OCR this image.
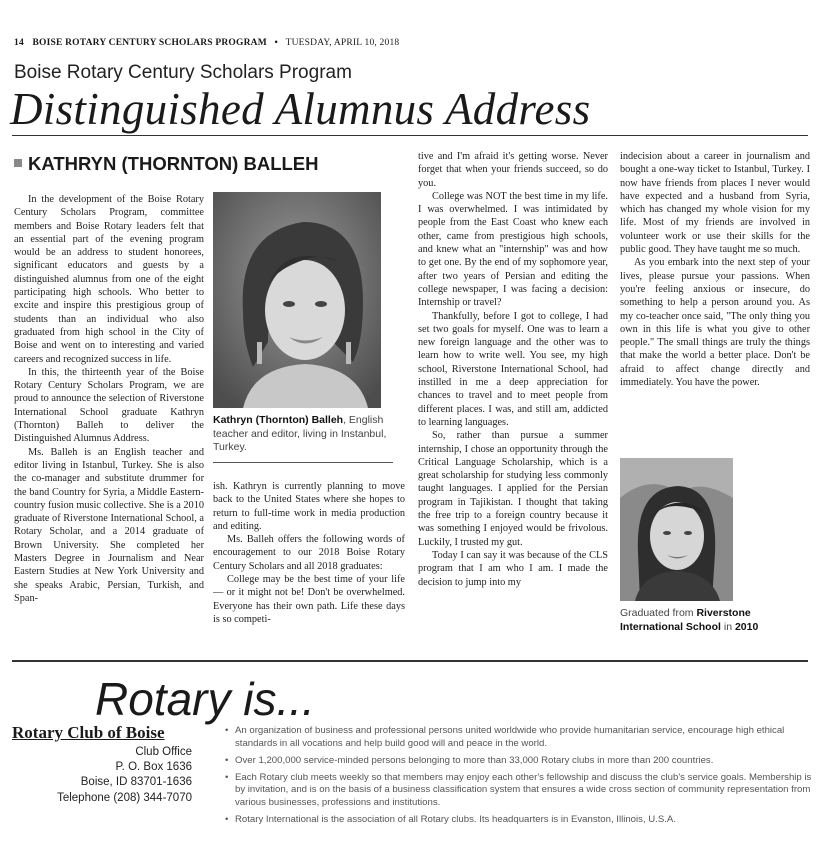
14 BOISE ROTARY CENTURY SCHOLARS PROGRAM • TUESDAY, APRIL 10, 2018
Boise Rotary Century Scholars Program
Distinguished Alumnus Address
KATHRYN (THORNTON) BALLEH

In the development of the Boise Rotary Century Scholars Program, committee members and Boise Rotary leaders felt that an essential part of the evening program would be an address to student honorees, significant educators and guests by a distinguished alumnus from one of the eight participating high schools. Who better to excite and inspire this prestigious group of students than an individual who also graduated from high school in the City of Boise and went on to interesting and varied careers and recognized success in life.

In this, the thirteenth year of the Boise Rotary Century Scholars Program, we are proud to announce the selection of Riverstone International School graduate Kathryn (Thornton) Balleh to deliver the Distinguished Alumnus Address.

Ms. Balleh is an English teacher and editor living in Istanbul, Turkey. She is also the co-manager and substitute drummer for the band Country for Syria, a Middle Eastern-country fusion music collective. She is a 2010 graduate of Riverstone International School, a Rotary Scholar, and a 2014 graduate of Brown University. She completed her Masters Degree in Journalism and Near Eastern Studies at New York University and she speaks Arabic, Persian, Turkish, and Span-

Kathryn (Thornton) Balleh, English teacher and editor, living in Instanbul, Turkey.

ish. Kathryn is currently planning to move back to the United States where she hopes to return to full-time work in media production and editing.

Ms. Balleh offers the following words of encouragement to our 2018 Boise Rotary Century Scholars and all 2018 graduates:

College may be the best time of your life — or it might not be! Don't be overwhelmed. Everyone has their own path. Life these days is so competi-

tive and I'm afraid it's getting worse. Never forget that when your friends succeed, so do you.

College was NOT the best time in my life. I was overwhelmed. I was intimidated by people from the East Coast who knew each other, came from prestigious high schools, and knew what an "internship" was and how to get one. By the end of my sophomore year, after two years of Persian and editing the college newspaper, I was facing a decision: Internship or travel?

Thankfully, before I got to college, I had set two goals for myself. One was to learn a new foreign language and the other was to learn how to write well. You see, my high school, Riverstone International School, had instilled in me a deep appreciation for chances to travel and to meet people from different places. I was, and still am, addicted to learning languages.

So, rather than pursue a summer internship, I chose an opportunity through the Critical Language Scholarship, which is a great scholarship for studying less commonly taught languages. I applied for the Persian program in Tajikistan. I thought that taking the free trip to a foreign country because it was something I enjoyed would be frivolous. Luckily, I trusted my gut.

Today I can say it was because of the CLS program that I am who I am. I made the decision to jump into my

indecision about a career in journalism and bought a one-way ticket to Istanbul, Turkey. I now have friends from places I never would have expected and a husband from Syria, which has changed my whole vision for my life. Most of my friends are involved in volunteer work or use their skills for the public good. They have taught me so much.

As you embark into the next step of your lives, please pursue your passions. When you're feeling anxious or insecure, do something to help a person around you. As my co-teacher once said, "The only thing you own in this life is what you give to other people." The small things are truly the things that make the world a better place. Don't be afraid to affect change directly and immediately. You have the power.

Graduated from Riverstone International School in 2010
Rotary is...
Rotary Club of Boise
Club Office
P. O. Box 1636
Boise, ID 83701-1636
Telephone (208) 344-7070
• An organization of business and professional persons united worldwide who provide humanitarian service, encourage high ethical standards in all vocations and help build good will and peace in the world.
• Over 1,200,000 service-minded persons belonging to more than 33,000 Rotary clubs in more than 200 countries.
• Each Rotary club meets weekly so that members may enjoy each other's fellowship and discuss the club's service goals. Membership is by invitation, and is on the basis of a business classification system that ensures a wide cross section of community representation from various businesses, professions and institutions.
• Rotary International is the association of all Rotary clubs. Its headquarters is in Evanston, Illinois, U.S.A.
